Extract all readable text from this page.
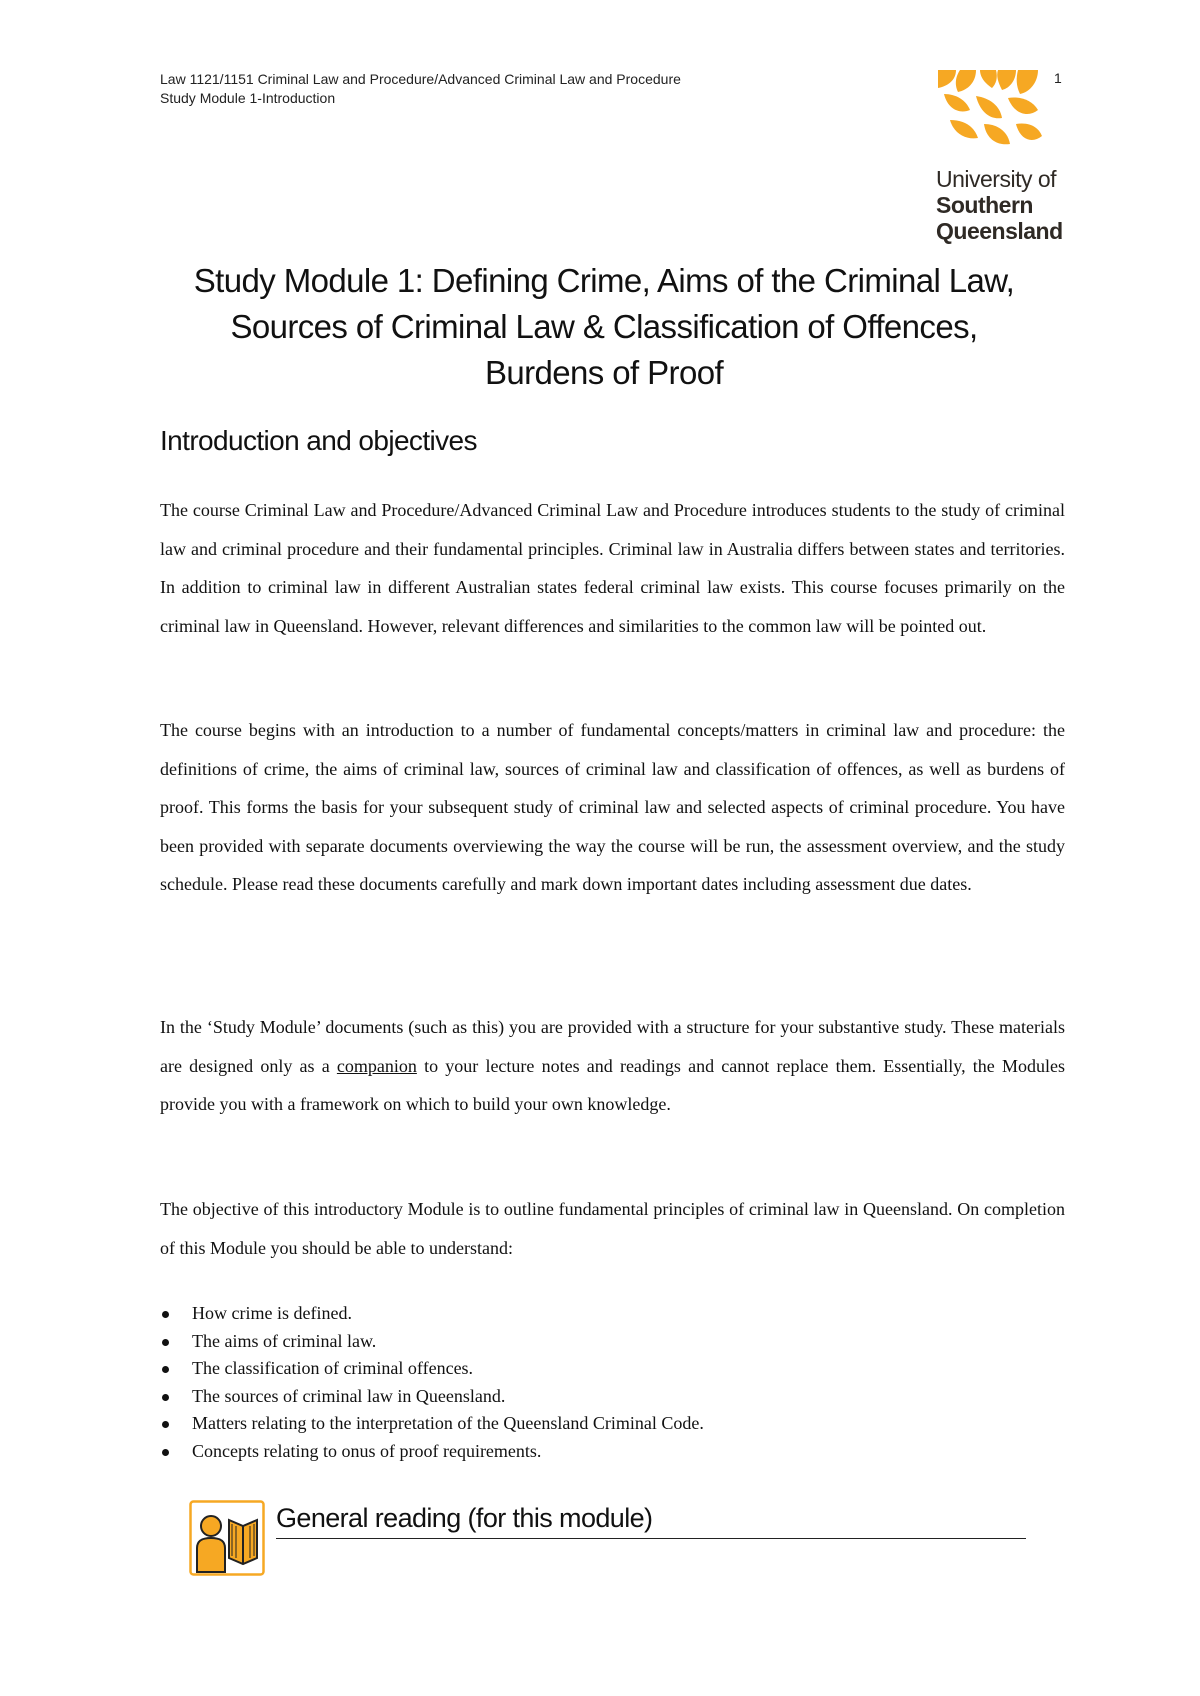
Law 1121/1151 Criminal Law and Procedure/Advanced Criminal Law and Procedure
Study Module 1-Introduction
1
University of
Southern
Queensland
Study Module 1: Defining Crime, Aims of the Criminal Law,
Sources of Criminal Law & Classification of Offences,
Burdens of Proof
Introduction and objectives

The course Criminal Law and Procedure/Advanced Criminal Law and Procedure introduces students to the study of criminal law and criminal procedure and their fundamental principles. Criminal law in Australia differs between states and territories. In addition to criminal law in different Australian states federal criminal law exists. This course focuses primarily on the criminal law in Queensland. However, relevant differences and similarities to the common law will be pointed out.

The course begins with an introduction to a number of fundamental concepts/matters in criminal law and procedure: the definitions of crime, the aims of criminal law, sources of criminal law and classification of offences, as well as burdens of proof. This forms the basis for your subsequent study of criminal law and selected aspects of criminal procedure. You have been provided with separate documents overviewing the way the course will be run, the assessment overview, and the study schedule. Please read these documents carefully and mark down important dates including assessment due dates.

In the ‘Study Module’ documents (such as this) you are provided with a structure for your substantive study. These materials are designed only as a companion to your lecture notes and readings and cannot replace them. Essentially, the Modules provide you with a framework on which to build your own knowledge.

The objective of this introductory Module is to outline fundamental principles of criminal law in Queensland. On completion of this Module you should be able to understand:

How crime is defined.
The aims of criminal law.
The classification of criminal offences.
The sources of criminal law in Queensland.
Matters relating to the interpretation of the Queensland Criminal Code.
Concepts relating to onus of proof requirements.
General reading (for this module)
